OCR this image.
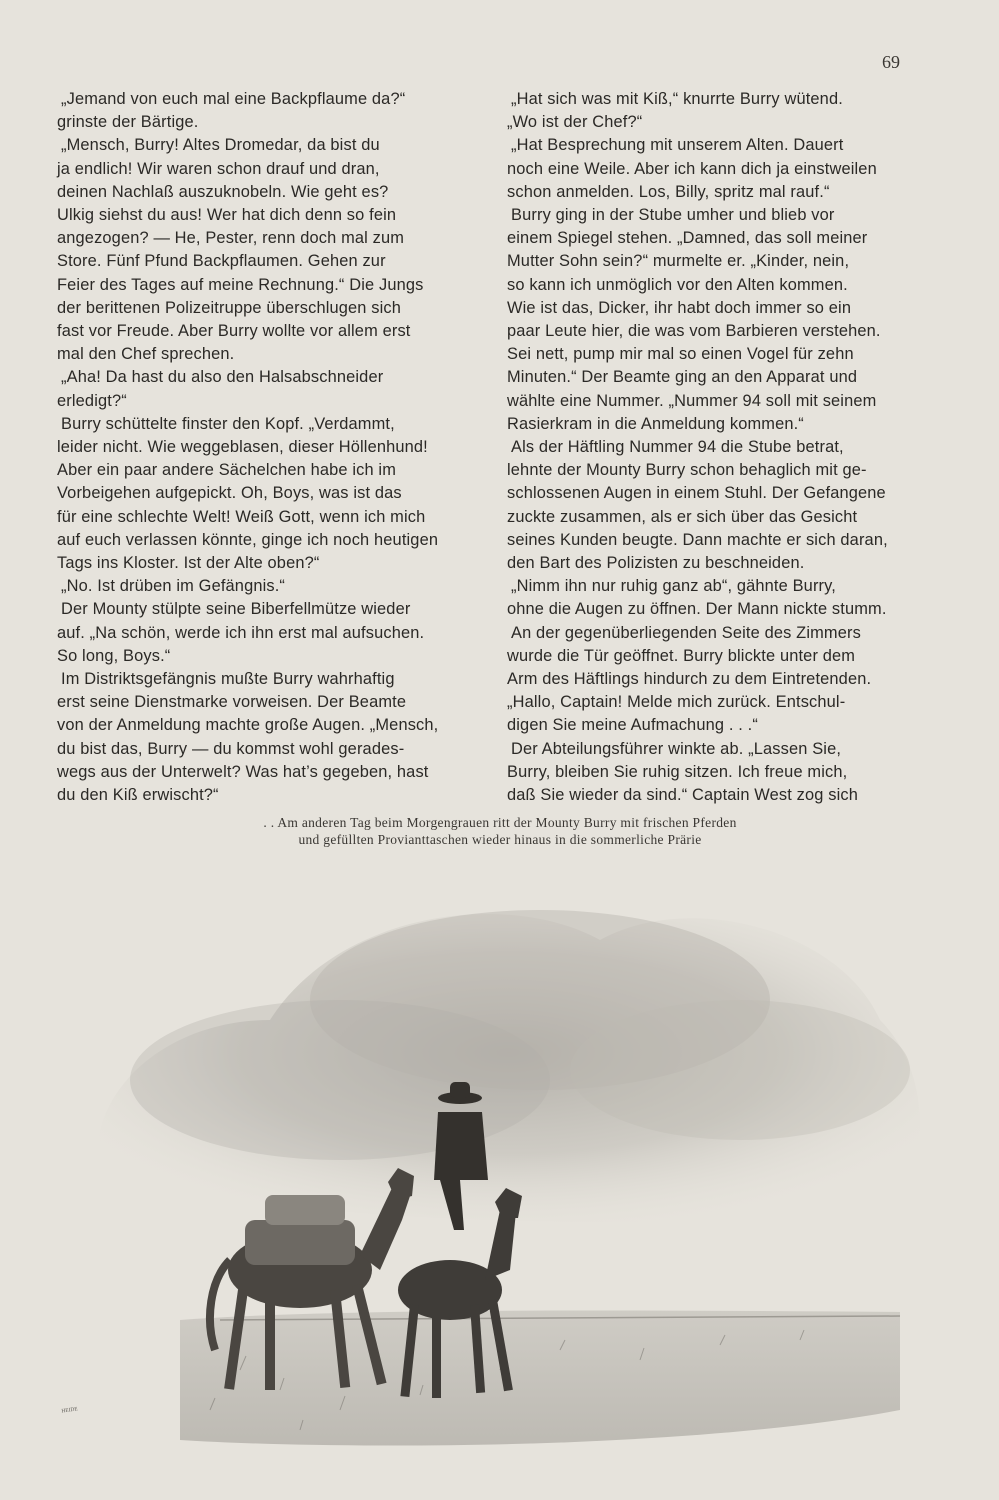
69

„Jemand von euch mal eine Backpflaume da?“
grinste der Bärtige.

„Mensch, Burry! Altes Dromedar, da bist du
ja endlich! Wir waren schon drauf und dran,
deinen Nachlaß auszuknobeln. Wie geht es?
Ulkig siehst du aus! Wer hat dich denn so fein
angezogen? — He, Pester, renn doch mal zum
Store. Fünf Pfund Backpflaumen. Gehen zur
Feier des Tages auf meine Rechnung.“ Die Jungs
der berittenen Polizeitruppe überschlugen sich
fast vor Freude. Aber Burry wollte vor allem erst
mal den Chef sprechen.

„Aha! Da hast du also den Halsabschneider
erledigt?“

Burry schüttelte finster den Kopf. „Verdammt,
leider nicht. Wie weggeblasen, dieser Höllenhund!
Aber ein paar andere Sächelchen habe ich im
Vorbeigehen aufgepickt. Oh, Boys, was ist das
für eine schlechte Welt! Weiß Gott, wenn ich mich
auf euch verlassen könnte, ginge ich noch heutigen
Tags ins Kloster. Ist der Alte oben?“

„No. Ist drüben im Gefängnis.“

Der Mounty stülpte seine Biberfellmütze wieder
auf. „Na schön, werde ich ihn erst mal aufsuchen.
So long, Boys.“

Im Distriktsgefängnis mußte Burry wahrhaftig
erst seine Dienstmarke vorweisen. Der Beamte
von der Anmeldung machte große Augen. „Mensch,
du bist das, Burry — du kommst wohl gerades-
wegs aus der Unterwelt? Was hat’s gegeben, hast
du den Kiß erwischt?“

„Hat sich was mit Kiß,“ knurrte Burry wütend.
„Wo ist der Chef?“

„Hat Besprechung mit unserem Alten. Dauert
noch eine Weile. Aber ich kann dich ja einstweilen
schon anmelden. Los, Billy, spritz mal rauf.“

Burry ging in der Stube umher und blieb vor
einem Spiegel stehen. „Damned, das soll meiner
Mutter Sohn sein?“ murmelte er. „Kinder, nein,
so kann ich unmöglich vor den Alten kommen.
Wie ist das, Dicker, ihr habt doch immer so ein
paar Leute hier, die was vom Barbieren verstehen.
Sei nett, pump mir mal so einen Vogel für zehn
Minuten.“ Der Beamte ging an den Apparat und
wählte eine Nummer. „Nummer 94 soll mit seinem
Rasierkram in die Anmeldung kommen.“

Als der Häftling Nummer 94 die Stube betrat,
lehnte der Mounty Burry schon behaglich mit ge-
schlossenen Augen in einem Stuhl. Der Gefangene
zuckte zusammen, als er sich über das Gesicht
seines Kunden beugte. Dann machte er sich daran,
den Bart des Polizisten zu beschneiden.

„Nimm ihn nur ruhig ganz ab“, gähnte Burry,
ohne die Augen zu öffnen. Der Mann nickte stumm.

An der gegenüberliegenden Seite des Zimmers
wurde die Tür geöffnet. Burry blickte unter dem
Arm des Häftlings hindurch zu dem Eintretenden.
„Hallo, Captain! Melde mich zurück. Entschul-
digen Sie meine Aufmachung . . .“

Der Abteilungsführer winkte ab. „Lassen Sie,
Burry, bleiben Sie ruhig sitzen. Ich freue mich,
daß Sie wieder da sind.“ Captain West zog sich

. . Am anderen Tag beim Morgengrauen ritt der Mounty Burry mit frischen Pferden
und gefüllten Provianttaschen wieder hinaus in die sommerliche Prärie
ᴴᴱᴵᴰᴱ
